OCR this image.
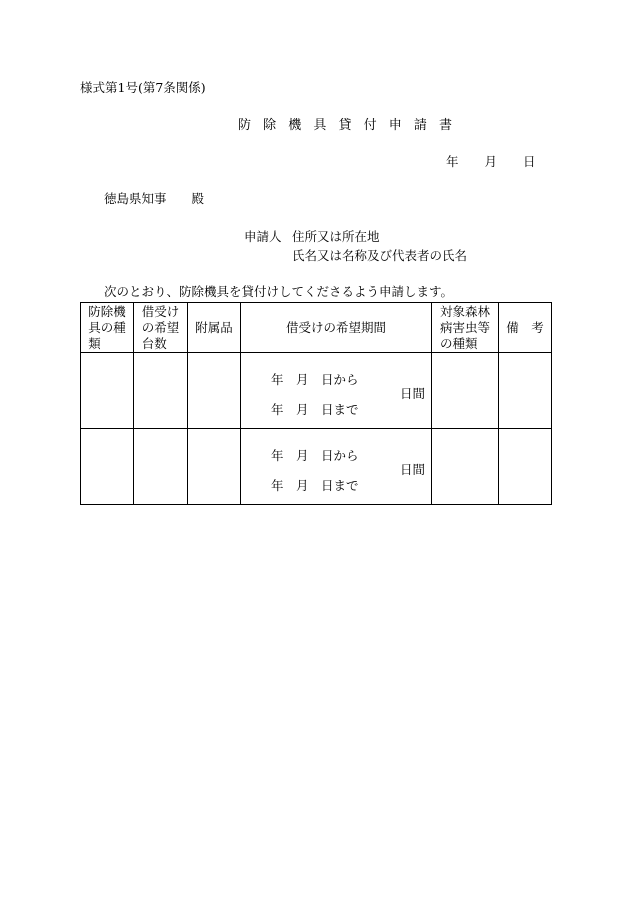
様式第1号(第7条関係)
防 除 機 具 貸 付 申 請 書
年 月 日
徳島県知事　　殿
申請人 住所又は所在地
氏名又は名称及び代表者の氏名
次のとおり、防除機具を貸付けしてくださるよう申請します。
防除機
具の種
類	借受け
の希望
台数	附属品	借受けの希望期間	対象森林
病害虫等
の種類	備　考

			年　月　日から
日間
年　月　日まで		

			年　月　日から
日間
年　月　日まで		
